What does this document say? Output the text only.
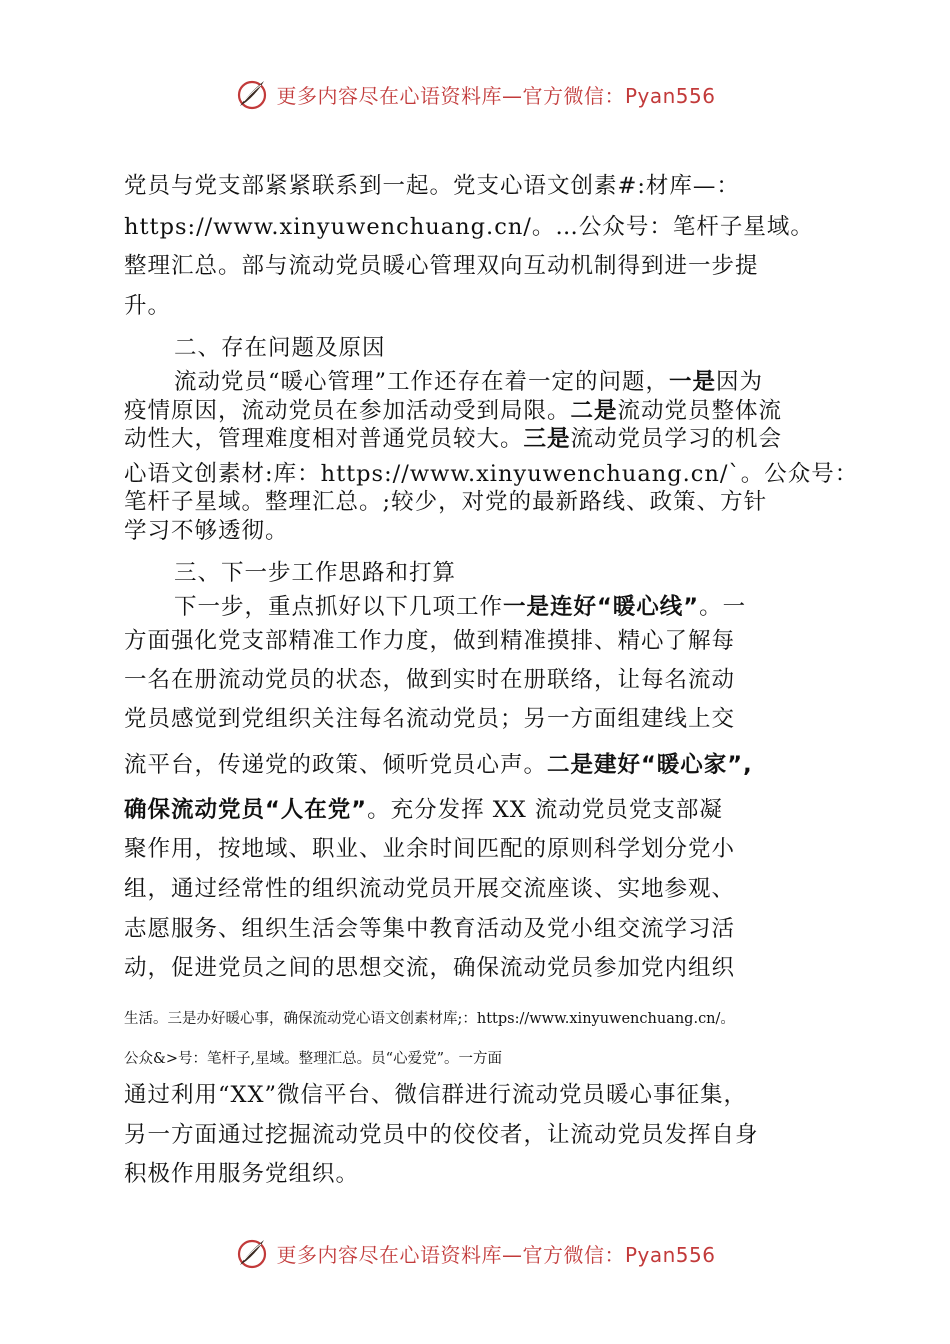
更多内容尽在心语资料库—官方微信：Pyan556

党员与党支部紧紧联系到一起。党支心语文创素#:材库—：

https://www.xinyuwenchuang.cn/。…公众号：笔杆子星域。

整理汇总。部与流动党员暖心管理双向互动机制得到进一步提

升。

二、存在问题及原因

流动党员“暖心管理”工作还存在着一定的问题，一是因为

疫情原因，流动党员在参加活动受到局限。二是流动党员整体流

动性大，管理难度相对普通党员较大。三是流动党员学习的机会

心语文创素材:库：https://www.xinyuwenchuang.cn/`。公众号：

笔杆子星域。整理汇总。;较少，对党的最新路线、政策、方针

学习不够透彻。

三、下一步工作思路和打算

下一步，重点抓好以下几项工作一是连好“暖心线”。一

方面强化党支部精准工作力度，做到精准摸排、精心了解每

一名在册流动党员的状态，做到实时在册联络，让每名流动

党员感觉到党组织关注每名流动党员；另一方面组建线上交

流平台，传递党的政策、倾听党员心声。二是建好“暖心家”,

确保流动党员“人在党”。充分发挥 XX 流动党员党支部凝

聚作用，按地域、职业、业余时间匹配的原则科学划分党小

组，通过经常性的组织流动党员开展交流座谈、实地参观、

志愿服务、组织生活会等集中教育活动及党小组交流学习活

动，促进党员之间的思想交流，确保流动党员参加党内组织

生活。三是办好暖心事，确保流动党心语文创素材库;：https://www.xinyuwenchuang.cn/。

公众&>号：笔杆子,星域。整理汇总。员“心爱党”。一方面

通过利用“XX”微信平台、微信群进行流动党员暖心事征集，

另一方面通过挖掘流动党员中的佼佼者，让流动党员发挥自身

积极作用服务党组织。

更多内容尽在心语资料库—官方微信：Pyan556
